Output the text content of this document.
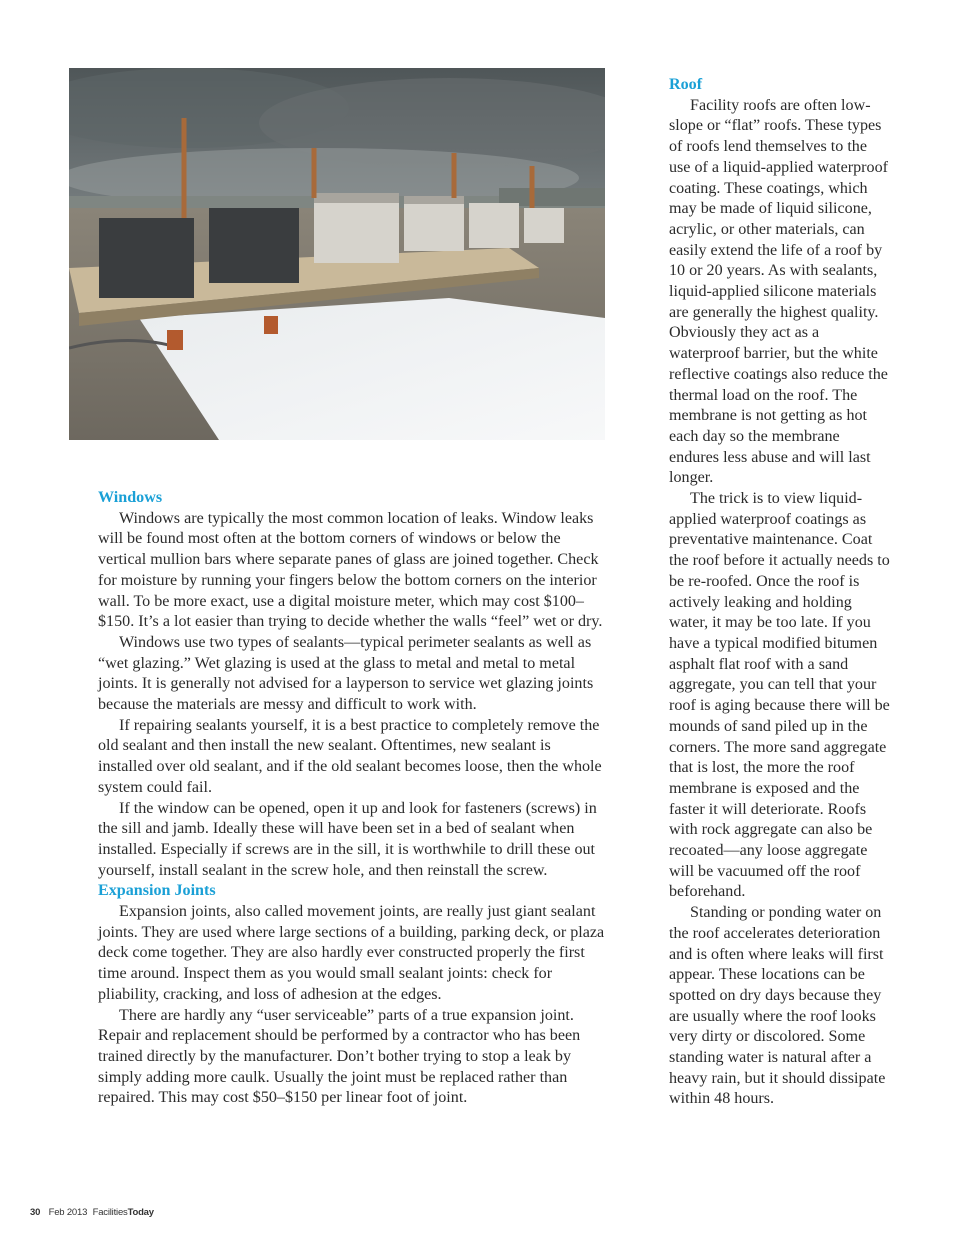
Windows

Windows are typically the most common location of leaks. Window leaks will be found most often at the bottom corners of windows or below the vertical mullion bars where separate panes of glass are joined together. Check for moisture by running your fingers below the bottom corners on the interior wall. To be more exact, use a digital moisture meter, which may cost $100–$150. It’s a lot easier than trying to decide whether the walls “feel” wet or dry.

Windows use two types of sealants—typical perimeter sealants as well as “wet glazing.” Wet glazing is used at the glass to metal and metal to metal joints. It is generally not advised for a layperson to service wet glazing joints because the materials are messy and difficult to work with.

If repairing sealants yourself, it is a best practice to completely remove the old sealant and then install the new sealant. Oftentimes, new sealant is installed over old sealant, and if the old sealant becomes loose, then the whole system could fail.

If the window can be opened, open it up and look for fasteners (screws) in the sill and jamb. Ideally these will have been set in a bed of sealant when installed. Especially if screws are in the sill, it is worthwhile to drill these out yourself, install sealant in the screw hole, and then reinstall the screw.

Expansion Joints

Expansion joints, also called movement joints, are really just giant sealant joints. They are used where large sections of a building, parking deck, or plaza deck come together. They are also hardly ever constructed properly the first time around. Inspect them as you would small sealant joints: check for pliability, cracking, and loss of adhesion at the edges.

There are hardly any “user serviceable” parts of a true expansion joint. Repair and replacement should be performed by a contractor who has been trained directly by the manufacturer. Don’t bother trying to stop a leak by simply adding more caulk. Usually the joint must be replaced rather than repaired. This may cost $50–$150 per linear foot of joint.

Roof

Facility roofs are often low-slope or “flat” roofs. These types of roofs lend themselves to the use of a liquid-applied waterproof coating. These coatings, which may be made of liquid silicone, acrylic, or other materials, can easily extend the life of a roof by 10 or 20 years. As with sealants, liquid-applied silicone materials are generally the highest quality. Obviously they act as a waterproof barrier, but the white reflective coatings also reduce the thermal load on the roof. The membrane is not getting as hot each day so the membrane endures less abuse and will last longer.

The trick is to view liquid-applied waterproof coatings as preventative maintenance. Coat the roof before it actually needs to be re-roofed. Once the roof is actively leaking and holding water, it may be too late. If you have a typical modified bitumen asphalt flat roof with a sand aggregate, you can tell that your roof is aging because there will be mounds of sand piled up in the corners. The more sand aggregate that is lost, the more the roof membrane is exposed and the faster it will deteriorate. Roofs with rock aggregate can also be recoated—any loose aggregate will be vacuumed off the roof beforehand.

Standing or ponding water on the roof accelerates deterioration and is often where leaks will first appear. These locations can be spotted on dry days because they are usually where the roof looks very dirty or discolored. Some standing water is natural after a heavy rain, but it should dissipate within 48 hours.

30 Feb 2013 FacilitiesToday
